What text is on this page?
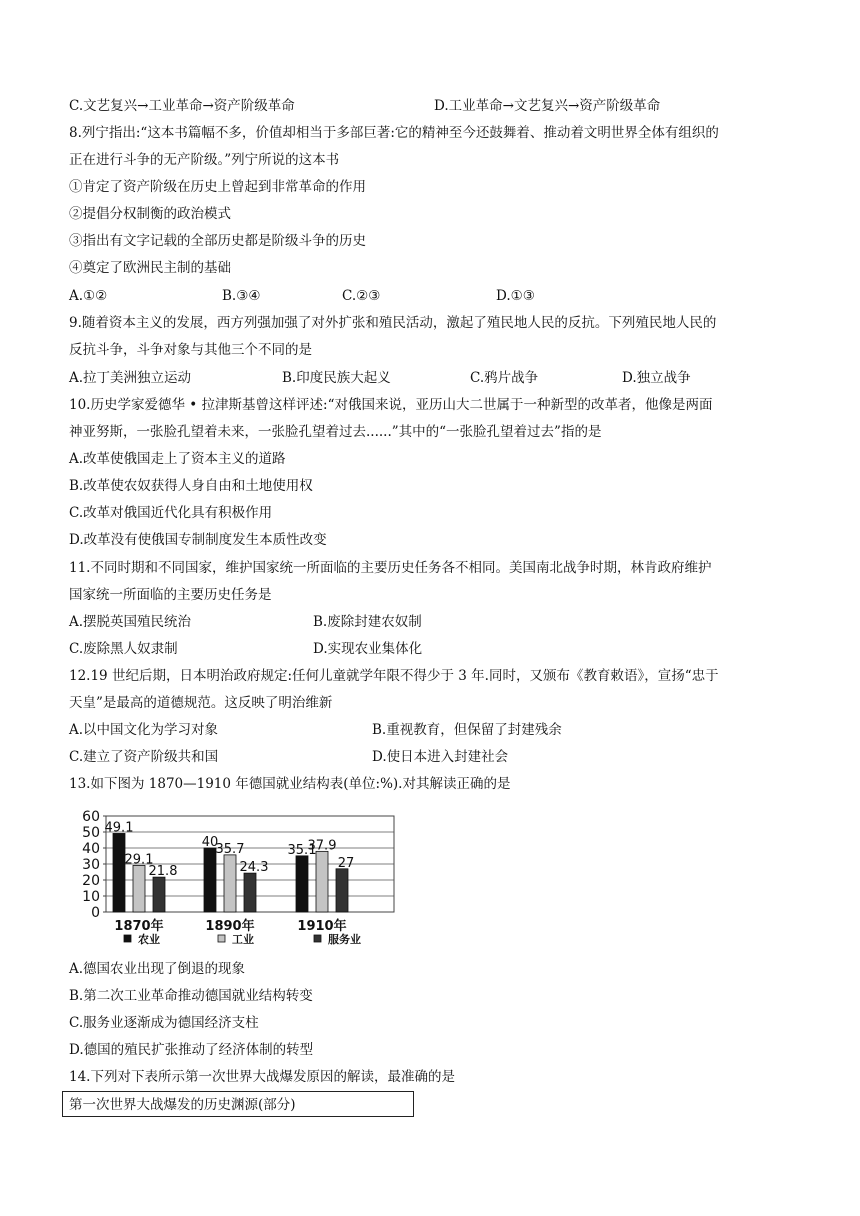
C.文艺复兴→工业革命→资产阶级革命	D.工业革命→文艺复兴→资产阶级革命
8.列宁指出:“这本书篇幅不多，价值却相当于多部巨著:它的精神至今还鼓舞着、推动着文明世界全体有组织的
正在进行斗争的无产阶级。”列宁所说的这本书
①肯定了资产阶级在历史上曾起到非常革命的作用
②提倡分权制衡的政治模式
③指出有文字记载的全部历史都是阶级斗争的历史
④奠定了欧洲民主制的基础
A.①②	B.③④	C.②③	D.①③
9.随着资本主义的发展，西方列强加强了对外扩张和殖民活动，激起了殖民地人民的反抗。下列殖民地人民的
反抗斗争，斗争对象与其他三个不同的是
A.拉丁美洲独立运动	B.印度民族大起义	C.鸦片战争	D.独立战争
10.历史学家爱德华 • 拉津斯基曾这样评述:“对俄国来说，亚历山大二世属于一种新型的改革者，他像是两面
神亚努斯，一张脸孔望着未来，一张脸孔望着过去......”其中的“一张脸孔望着过去”指的是
A.改革使俄国走上了资本主义的道路
B.改革使农奴获得人身自由和土地使用权
C.改革对俄国近代化具有积极作用
D.改革没有使俄国专制制度发生本质性改变
11.不同时期和不同国家，维护国家统一所面临的主要历史任务各不相同。美国南北战争时期，林肯政府维护
国家统一所面临的主要历史任务是
A.摆脱英国殖民统治	B.废除封建农奴制
C.废除黑人奴隶制	D.实现农业集体化
12.19 世纪后期，日本明治政府规定:任何儿童就学年限不得少于 3 年.同时，又颁布《教育敕语》，宣扬“忠于
天皇”是最高的道德规范。这反映了明治维新
A.以中国文化为学习对象	B.重视教育，但保留了封建残余
C.建立了资产阶级共和国	D.使日本进入封建社会
13.如下图为 1870—1910 年德国就业结构表(单位:%).对其解读正确的是
0
10
20
30
40
50
60
49.1
29.1
21.8
1870年
40
35.7
24.3
1890年
35.1
37.9
27
1910年
农业	工业	服务业
A.德国农业出现了倒退的现象
B.第二次工业革命推动德国就业结构转变
C.服务业逐渐成为德国经济支柱
D.德国的殖民扩张推动了经济体制的转型
14.下列对下表所示第一次世界大战爆发原因的解读，最准确的是
第一次世界大战爆发的历史渊源(部分)
